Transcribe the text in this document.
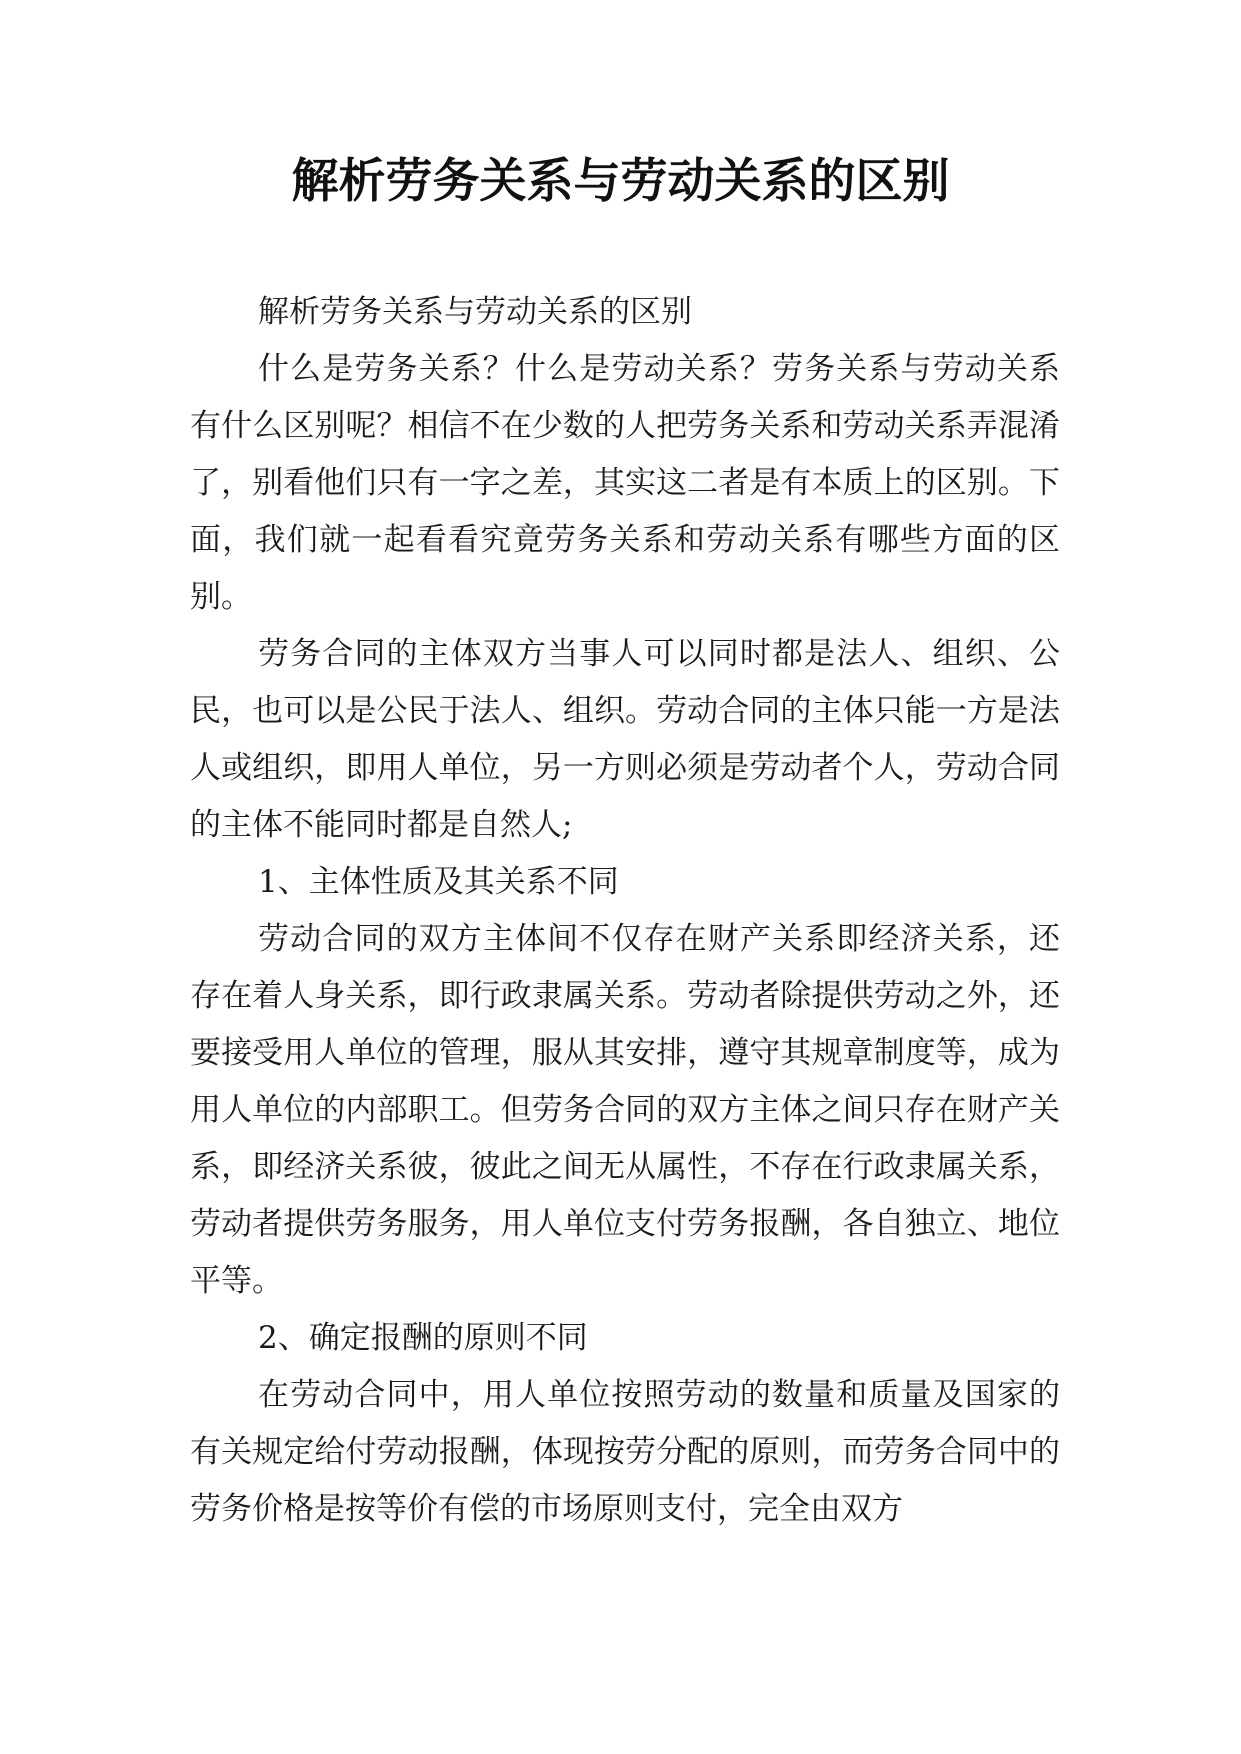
解析劳务关系与劳动关系的区别

解析劳务关系与劳动关系的区别

什么是劳务关系？什么是劳动关系？劳务关系与劳动关系有什么区别呢？相信不在少数的人把劳务关系和劳动关系弄混淆了，别看他们只有一字之差，其实这二者是有本质上的区别。下面，我们就一起看看究竟劳务关系和劳动关系有哪些方面的区别。

劳务合同的主体双方当事人可以同时都是法人、组织、公民，也可以是公民于法人、组织。劳动合同的主体只能一方是法人或组织，即用人单位，另一方则必须是劳动者个人，劳动合同的主体不能同时都是自然人;

1、主体性质及其关系不同

劳动合同的双方主体间不仅存在财产关系即经济关系，还存在着人身关系，即行政隶属关系。劳动者除提供劳动之外，还要接受用人单位的管理，服从其安排，遵守其规章制度等，成为用人单位的内部职工。但劳务合同的双方主体之间只存在财产关系，即经济关系彼，彼此之间无从属性，不存在行政隶属关系，劳动者提供劳务服务，用人单位支付劳务报酬，各自独立、地位平等。

2、确定报酬的原则不同

在劳动合同中，用人单位按照劳动的数量和质量及国家的有关规定给付劳动报酬，体现按劳分配的原则，而劳务合同中的劳务价格是按等价有偿的市场原则支付，完全由双方
